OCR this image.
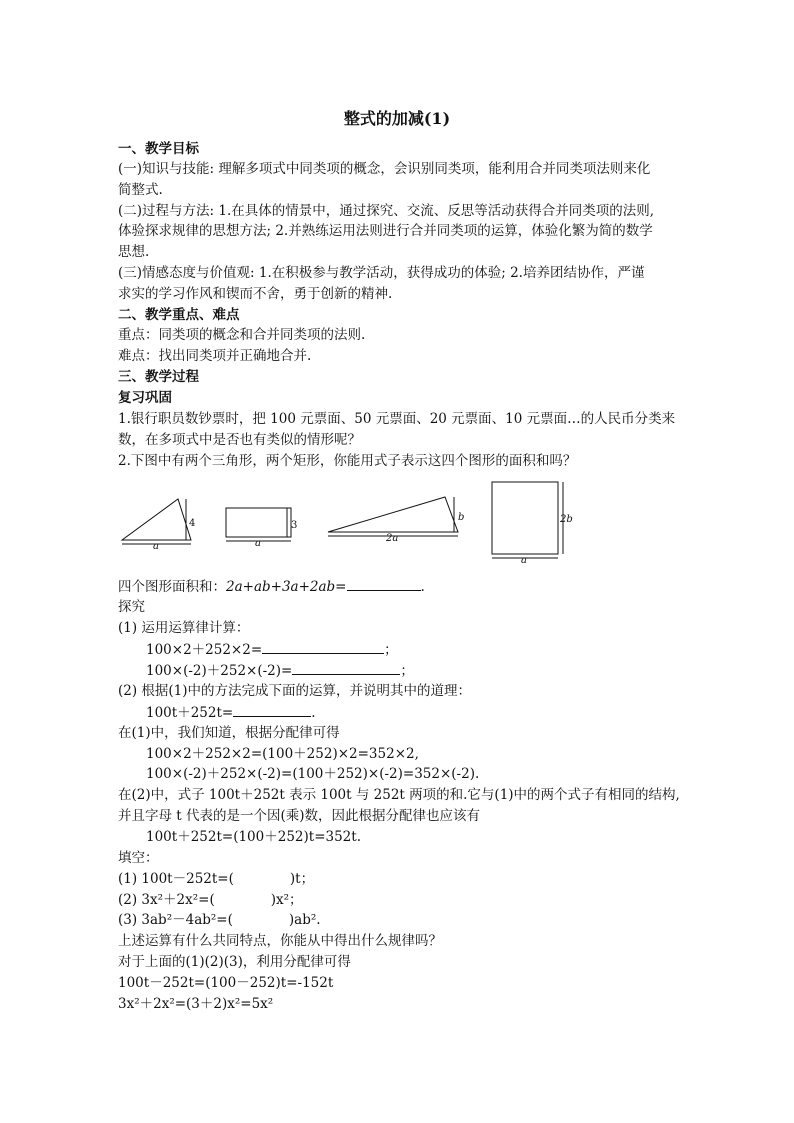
整式的加减(1)
一、教学目标
(一)知识与技能: 理解多项式中同类项的概念，会识别同类项，能利用合并同类项法则来化
简整式.
(二)过程与方法: 1.在具体的情景中，通过探究、交流、反思等活动获得合并同类项的法则,
体验探求规律的思想方法; 2.并熟练运用法则进行合并同类项的运算，体验化繁为简的数学
思想.
(三)情感态度与价值观: 1.在积极参与教学活动，获得成功的体验; 2.培养团结协作，严谨
求实的学习作风和锲而不舍，勇于创新的精神.
二、教学重点、难点
重点：同类项的概念和合并同类项的法则.
难点：找出同类项并正确地合并.
三、教学过程
复习巩固
1.银行职员数钞票时，把 100 元票面、50 元票面、20 元票面、10 元票面…的人民币分类来
数，在多项式中是否也有类似的情形呢？
2.下图中有两个三角形，两个矩形，你能用式子表示这四个图形的面积和吗？
a
4
a
3
2a
b
a
2b
四个图形面积和：2a+ab+3a+2ab=	.
探究
(1) 运用运算律计算：
100×2＋252×2=	；
100×(-2)＋252×(-2)=	；
(2) 根据(1)中的方法完成下面的运算，并说明其中的道理：
100t＋252t=	.
在(1)中，我们知道，根据分配律可得
100×2＋252×2=(100＋252)×2=352×2,
100×(-2)＋252×(-2)=(100＋252)×(-2)=352×(-2).
在(2)中，式子 100t＋252t 表示 100t 与 252t 两项的和.它与(1)中的两个式子有相同的结构,
并且字母 t 代表的是一个因(乘)数，因此根据分配律也应该有
100t＋252t=(100＋252)t=352t.
填空：
(1) 100t－252t=(	)t；
(2) 3x²＋2x²=(	)x²；
(3) 3ab²－4ab²=(	)ab².
上述运算有什么共同特点，你能从中得出什么规律吗？
对于上面的(1)(2)(3)，利用分配律可得
100t－252t=(100－252)t=-152t
3x²＋2x²=(3＋2)x²=5x²
